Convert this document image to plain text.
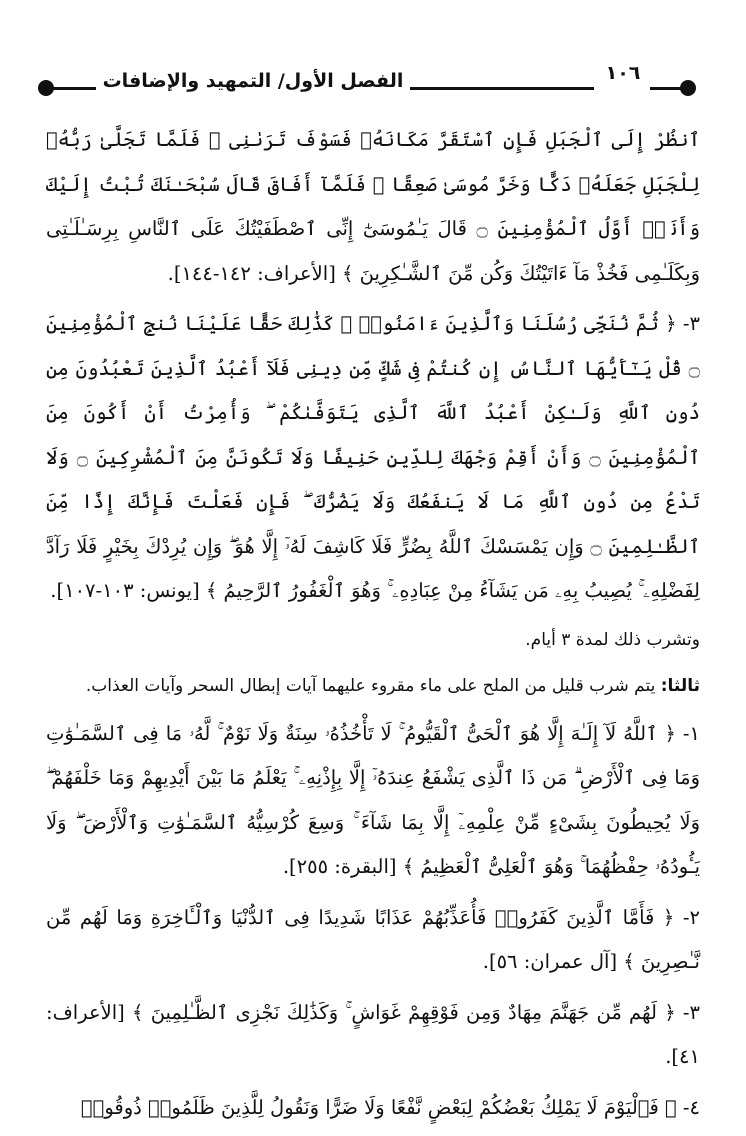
الفصل الأول/ التمهيد والإضافات	١٠٦

ٱنظُرْ إِلَى ٱلْجَبَلِ فَإِنِ ٱسْتَقَرَّ مَكَانَهُۥ فَسَوْفَ تَرَىٰنِى ۚ فَلَمَّا تَجَلَّىٰ رَبُّهُۥ لِلْجَبَلِ جَعَلَهُۥ دَكًّا وَخَرَّ مُوسَىٰ صَعِقًا ۚ فَلَمَّآ أَفَاقَ قَالَ سُبْحَـٰنَكَ تُبْتُ إِلَيْكَ وَأَنَا۠ أَوَّلُ ٱلْمُؤْمِنِينَ ۝ قَالَ يَـٰمُوسَىٰٓ إِنِّى ٱصْطَفَيْتُكَ عَلَى ٱلنَّاسِ بِرِسَـٰلَـٰتِى وَبِكَلَـٰمِى فَخُذْ مَآ ءَاتَيْتُكَ وَكُن مِّنَ ٱلشَّـٰكِرِينَ ﴾ [الأعراف: ١٤٢-١٤٤].

٣- ﴿ ثُمَّ نُنَجِّى رُسُلَنَا وَٱلَّذِينَ ءَامَنُوا۟ ۚ كَذَٰلِكَ حَقًّا عَلَيْنَا نُنجِ ٱلْمُؤْمِنِينَ ۝ قُلْ يَـٰٓأَيُّهَا ٱلنَّاسُ إِن كُنتُمْ فِى شَكٍّ مِّن دِينِى فَلَآ أَعْبُدُ ٱلَّذِينَ تَعْبُدُونَ مِن دُونِ ٱللَّهِ وَلَـٰكِنْ أَعْبُدُ ٱللَّهَ ٱلَّذِى يَتَوَفَّىٰكُمْ ۖ وَأُمِرْتُ أَنْ أَكُونَ مِنَ ٱلْمُؤْمِنِينَ ۝ وَأَنْ أَقِمْ وَجْهَكَ لِلدِّينِ حَنِيفًا وَلَا تَكُونَنَّ مِنَ ٱلْمُشْرِكِينَ ۝ وَلَا تَدْعُ مِن دُونِ ٱللَّهِ مَا لَا يَنفَعُكَ وَلَا يَضُرُّكَ ۖ فَإِن فَعَلْتَ فَإِنَّكَ إِذًا مِّنَ ٱلظَّـٰلِمِينَ ۝ وَإِن يَمْسَسْكَ ٱللَّهُ بِضُرٍّ فَلَا كَاشِفَ لَهُۥٓ إِلَّا هُوَ ۖ وَإِن يُرِدْكَ بِخَيْرٍ فَلَا رَآدَّ لِفَضْلِهِۦ ۚ يُصِيبُ بِهِۦ مَن يَشَآءُ مِنْ عِبَادِهِۦ ۚ وَهُوَ ٱلْغَفُورُ ٱلرَّحِيمُ ﴾ [يونس: ١٠٣-١٠٧].

وتشرب ذلك لمدة ٣ أيام.

ثالثا: يتم شرب قليل من الملح على ماء مقروء عليهما آيات إبطال السحر وآيات العذاب.

١- ﴿ ٱللَّهُ لَآ إِلَـٰهَ إِلَّا هُوَ ٱلْحَىُّ ٱلْقَيُّومُ ۚ لَا تَأْخُذُهُۥ سِنَةٌ وَلَا نَوْمٌ ۚ لَّهُۥ مَا فِى ٱلسَّمَـٰوَٰتِ وَمَا فِى ٱلْأَرْضِ ۗ مَن ذَا ٱلَّذِى يَشْفَعُ عِندَهُۥٓ إِلَّا بِإِذْنِهِۦ ۚ يَعْلَمُ مَا بَيْنَ أَيْدِيهِمْ وَمَا خَلْفَهُمْ ۖ وَلَا يُحِيطُونَ بِشَىْءٍ مِّنْ عِلْمِهِۦٓ إِلَّا بِمَا شَآءَ ۚ وَسِعَ كُرْسِيُّهُ ٱلسَّمَـٰوَٰتِ وَٱلْأَرْضَ ۖ وَلَا يَـُٔودُهُۥ حِفْظُهُمَا ۚ وَهُوَ ٱلْعَلِىُّ ٱلْعَظِيمُ ﴾ [البقرة: ٢٥٥].

٢- ﴿ فَأَمَّا ٱلَّذِينَ كَفَرُوا۟ فَأُعَذِّبُهُمْ عَذَابًا شَدِيدًا فِى ٱلدُّنْيَا وَٱلْـَٔاخِرَةِ وَمَا لَهُم مِّن نَّـٰصِرِينَ ﴾ [آل عمران: ٥٦].

٣- ﴿ لَهُم مِّن جَهَنَّمَ مِهَادٌ وَمِن فَوْقِهِمْ غَوَاشٍ ۚ وَكَذَٰلِكَ نَجْزِى ٱلظَّـٰلِمِينَ ﴾ [الأعراف: ٤١].

٤- ﴿ فَٱلْيَوْمَ لَا يَمْلِكُ بَعْضُكُمْ لِبَعْضٍ نَّفْعًا وَلَا ضَرًّا وَنَقُولُ لِلَّذِينَ ظَلَمُوا۟ ذُوقُوا۟
